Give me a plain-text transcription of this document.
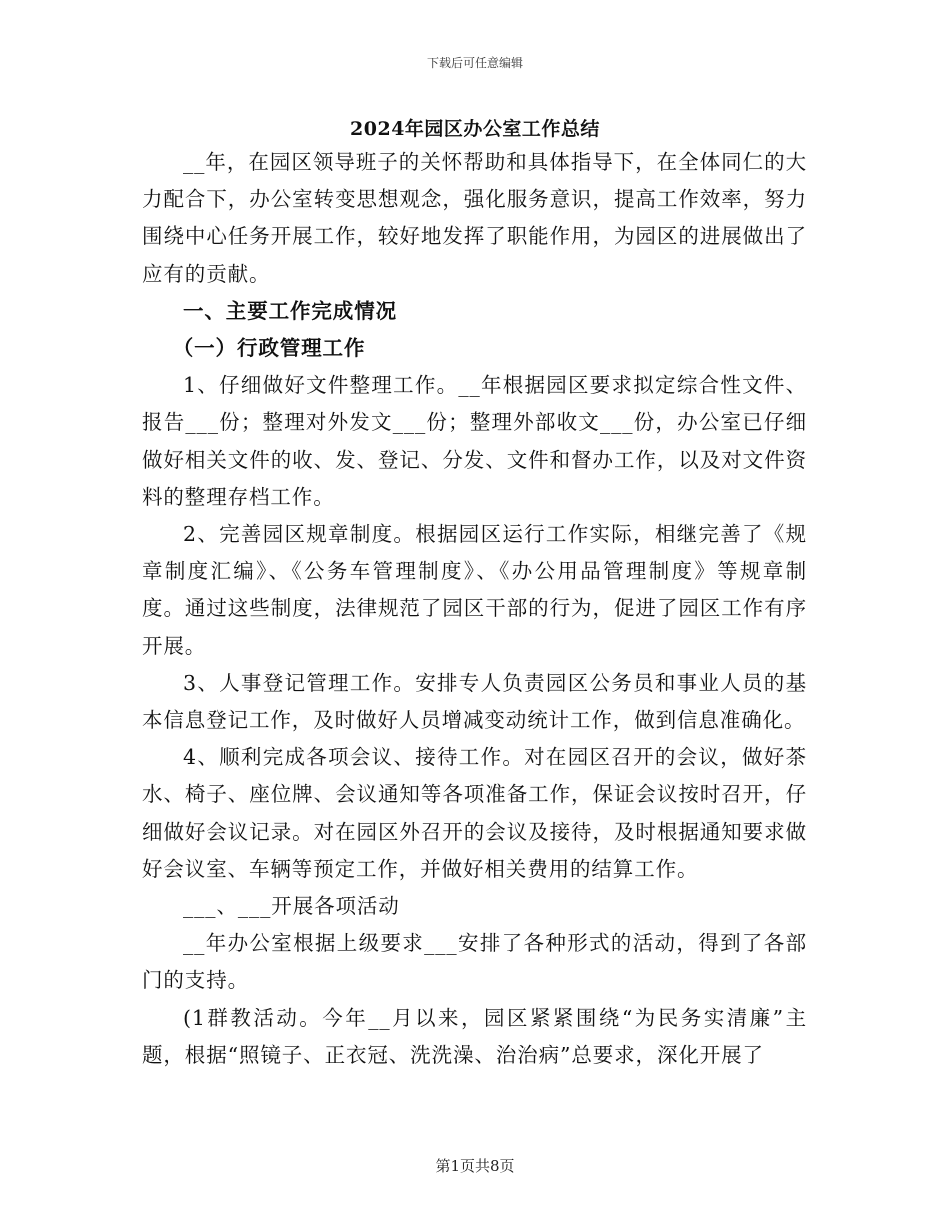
下载后可任意编辑
2024年园区办公室工作总结

__年，在园区领导班子的关怀帮助和具体指导下，在全体同仁的大力配合下，办公室转变思想观念，强化服务意识，提高工作效率，努力围绕中心任务开展工作，较好地发挥了职能作用，为园区的进展做出了应有的贡献。

一、主要工作完成情况

（一）行政管理工作

1、仔细做好文件整理工作。__年根据园区要求拟定综合性文件、报告___份；整理对外发文___份；整理外部收文___份，办公室已仔细做好相关文件的收、发、登记、分发、文件和督办工作，以及对文件资料的整理存档工作。

2、完善园区规章制度。根据园区运行工作实际，相继完善了《规章制度汇编》、《公务车管理制度》、《办公用品管理制度》等规章制度。通过这些制度，法律规范了园区干部的行为，促进了园区工作有序开展。

3、人事登记管理工作。安排专人负责园区公务员和事业人员的基本信息登记工作，及时做好人员增减变动统计工作，做到信息准确化。

4、顺利完成各项会议、接待工作。对在园区召开的会议，做好茶水、椅子、座位牌、会议通知等各项准备工作，保证会议按时召开，仔细做好会议记录。对在园区外召开的会议及接待，及时根据通知要求做好会议室、车辆等预定工作，并做好相关费用的结算工作。

___、___开展各项活动

__年办公室根据上级要求___安排了各种形式的活动，得到了各部门的支持。

(1群教活动。今年__月以来，园区紧紧围绕“为民务实清廉”主题，根据“照镜子、正衣冠、洗洗澡、治治病”总要求，深化开展了

第1页共8页
